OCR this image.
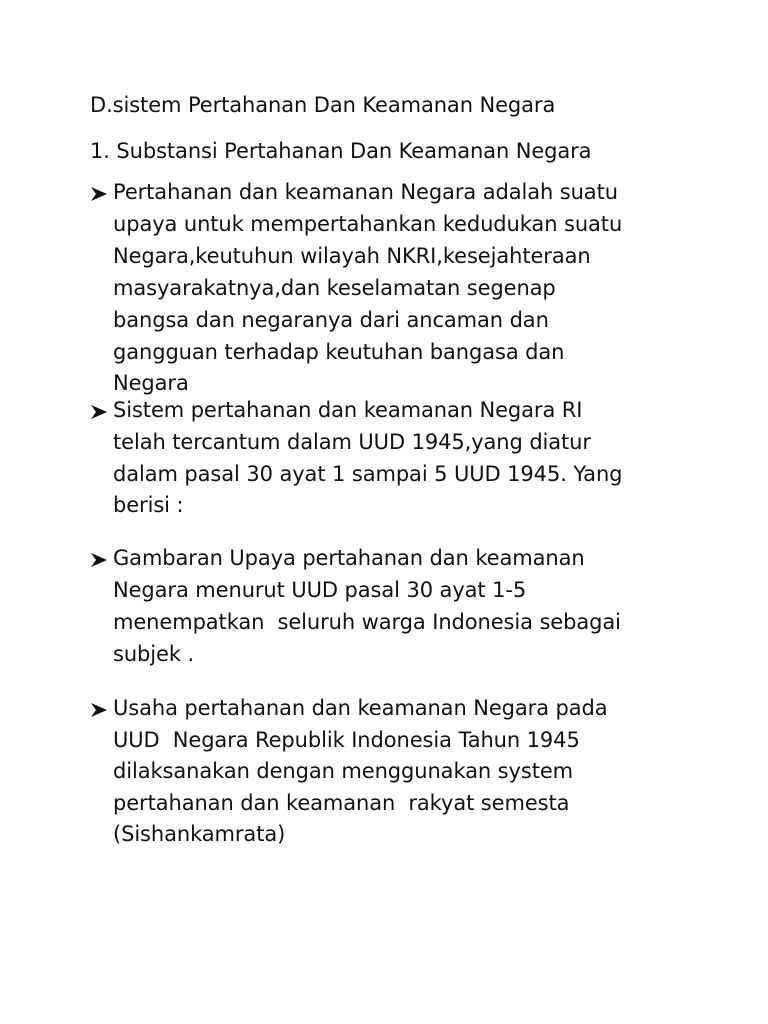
D.sistem Pertahanan Dan Keamanan Negara
1. Substansi Pertahanan Dan Keamanan Negara
Pertahanan dan keamanan Negara adalah suatu
upaya untuk mempertahankan kedudukan suatu
Negara,keutuhun wilayah NKRI,kesejahteraan
masyarakatnya,dan keselamatan segenap
bangsa dan negaranya dari ancaman dan
gangguan terhadap keutuhan bangasa dan
Negara
Sistem pertahanan dan keamanan Negara RI
telah tercantum dalam UUD 1945,yang diatur
dalam pasal 30 ayat 1 sampai 5 UUD 1945. Yang
berisi :
Gambaran Upaya pertahanan dan keamanan
Negara menurut UUD pasal 30 ayat 1-5
menempatkan  seluruh warga Indonesia sebagai
subjek .
Usaha pertahanan dan keamanan Negara pada
UUD  Negara Republik Indonesia Tahun 1945
dilaksanakan dengan menggunakan system
pertahanan dan keamanan  rakyat semesta
(Sishankamrata)
